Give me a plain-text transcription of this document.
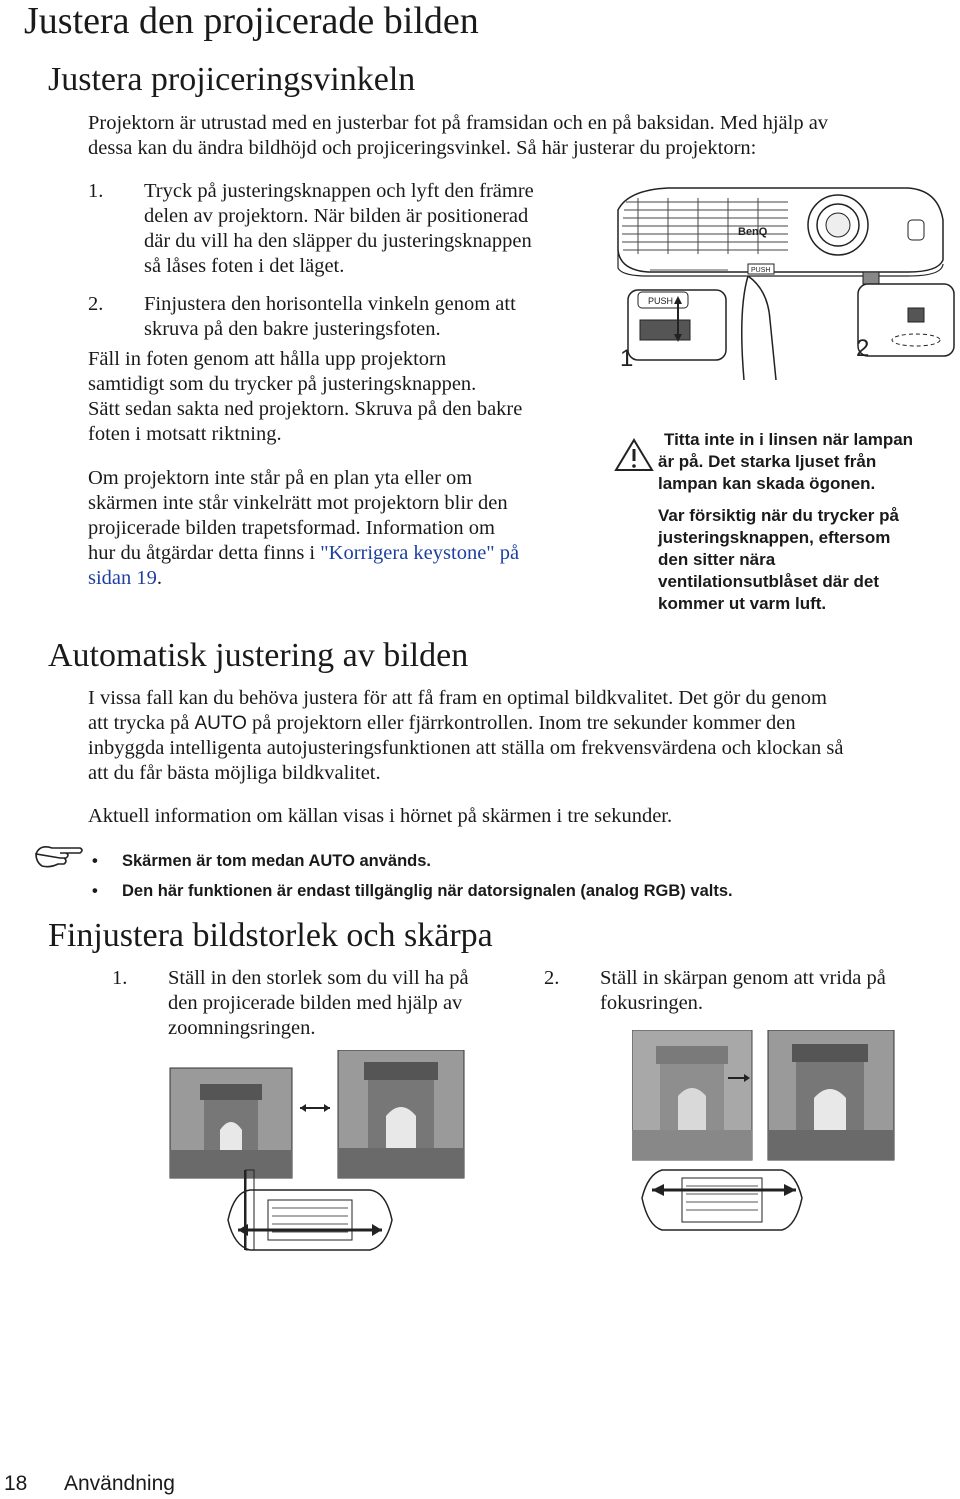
Justera den projicerade bilden
Justera projiceringsvinkeln
Projektorn är utrustad med en justerbar fot på framsidan och en på baksidan. Med hjälp av
dessa kan du ändra bildhöjd och projiceringsvinkel. Så här justerar du projektorn:
1. Tryck på justeringsknappen och lyft den främre
delen av projektorn. När bilden är positionerad
där du vill ha den släpper du justeringsknappen
så låses foten i det läget.
2. Finjustera den horisontella vinkeln genom att
skruva på den bakre justeringsfoten.
Fäll in foten genom att hålla upp projektorn
samtidigt som du trycker på justeringsknappen.
Sätt sedan sakta ned projektorn. Skruva på den bakre
foten i motsatt riktning.
Om projektorn inte står på en plan yta eller om
skärmen inte står vinkelrätt mot projektorn blir den
projicerade bilden trapetsformad. Information om
hur du åtgärdar detta finns i "Korrigera keystone" på
sidan 19.
BenQ
PUSH
PUSH
1	2
Titta inte in i linsen när lampan
är på. Det starka ljuset från
lampan kan skada ögonen.
Var försiktig när du trycker på
justeringsknappen, eftersom
den sitter nära
ventilationsutblåset där det
kommer ut varm luft.
Automatisk justering av bilden
I vissa fall kan du behöva justera för att få fram en optimal bildkvalitet. Det gör du genom
att trycka på AUTO på projektorn eller fjärrkontrollen. Inom tre sekunder kommer den
inbyggda intelligenta autojusteringsfunktionen att ställa om frekvensvärdena och klockan så
att du får bästa möjliga bildkvalitet.
Aktuell information om källan visas i hörnet på skärmen i tre sekunder.
• Skärmen är tom medan AUTO används.
• Den här funktionen är endast tillgänglig när datorsignalen (analog RGB) valts.
Finjustera bildstorlek och skärpa
1. Ställ in den storlek som du vill ha på
den projicerade bilden med hjälp av
zoomningsringen.
2. Ställ in skärpan genom att vrida på
fokusringen.
18 Användning
